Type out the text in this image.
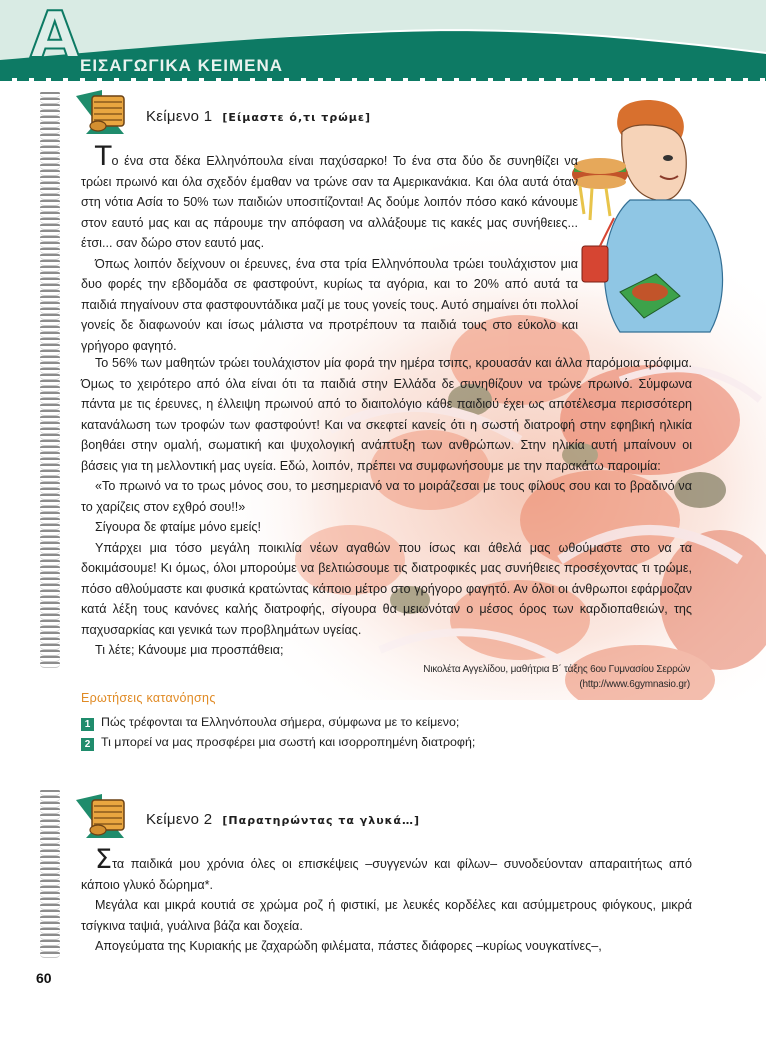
A ΕΙΣΑΓΩΓΙΚΑ ΚΕΙΜΕΝΑ
Κείμενο 1 [Είμαστε ό,τι τρώμε]

Το ένα στα δέκα Ελληνόπουλα είναι παχύσαρκο! Το ένα στα δύο δε συνηθίζει να τρώει πρωινό και όλα σχεδόν έμαθαν να τρώνε σαν τα Αμερικανάκια. Και όλα αυτά όταν στη νότια Ασία το 50% των παιδιών υποσιτίζονται! Ας δούμε λοιπόν πόσο κακό κάνουμε στον εαυτό μας και ας πάρουμε την απόφαση να αλλάξουμε τις κακές μας συνήθειες... έτσι... σαν δώρο στον εαυτό μας.

Όπως λοιπόν δείχνουν οι έρευνες, ένα στα τρία Ελληνόπουλα τρώει τουλάχιστον μια δυο φορές την εβδομάδα σε φαστφούντ, κυρίως τα αγόρια, και το 20% από αυτά τα παιδιά πηγαίνουν στα φαστφουντάδικα μαζί με τους γονείς τους. Αυτό σημαίνει ότι πολλοί γονείς δε διαφωνούν και ίσως μάλιστα να προτρέπουν τα παιδιά τους στο εύκολο και γρήγορο φαγητό.

Το 56% των μαθητών τρώει τουλάχιστον μία φορά την ημέρα τσιπς, κρουασάν και άλλα παρόμοια τρόφιμα. Όμως το χειρότερο από όλα είναι ότι τα παιδιά στην Ελλάδα δε συνηθίζουν να τρώνε πρωινό. Σύμφωνα πάντα με τις έρευνες, η έλλειψη πρωινού από το διαιτολόγιο κάθε παιδιού έχει ως αποτέλεσμα περισσότερη κατανάλωση των τροφών των φαστφούντ! Και να σκεφτεί κανείς ότι η σωστή διατροφή στην εφηβική ηλικία βοηθάει στην ομαλή, σωματική και ψυχολογική ανάπτυξη των ανθρώπων. Στην ηλικία αυτή μπαίνουν οι βάσεις για τη μελλοντική μας υγεία. Εδώ, λοιπόν, πρέπει να συμφωνήσουμε με την παρακάτω παροιμία:

«Το πρωινό να το τρως μόνος σου, το μεσημεριανό να το μοιράζεσαι με τους φίλους σου και το βραδινό να το χαρίζεις στον εχθρό σου!!»

Σίγουρα δε φταίμε μόνο εμείς!

Υπάρχει μια τόσο μεγάλη ποικιλία νέων αγαθών που ίσως και άθελά μας ωθούμαστε στο να τα δοκιμάσουμε! Κι όμως, όλοι μπορούμε να βελτιώσουμε τις διατροφικές μας συνήθειες προσέχοντας τι τρώμε, πόσο αθλούμαστε και φυσικά κρατώντας κάποιο μέτρο στο γρήγορο φαγητό. Αν όλοι οι άνθρωποι εφάρμοζαν κατά λέξη τους κανόνες καλής διατροφής, σίγουρα θα μειωνόταν ο μέσος όρος των καρδιοπαθειών, της παχυσαρκίας και γενικά των προβλημάτων υγείας.

Τι λέτε; Κάνουμε μια προσπάθεια;

Νικολέτα Αγγελίδου, μαθήτρια Β΄ τάξης 6ου Γυμνασίου Σερρών
(http://www.6gymnasio.gr)
Ερωτήσεις κατανόησης
1 Πώς τρέφονται τα Ελληνόπουλα σήμερα, σύμφωνα με το κείμενο;
2 Τι μπορεί να μας προσφέρει μια σωστή και ισορροπημένη διατροφή;
Κείμενο 2 [Παρατηρώντας τα γλυκά…]

Στα παιδικά μου χρόνια όλες οι επισκέψεις –συγγενών και φίλων– συνοδεύονταν απαραιτήτως από κάποιο γλυκό δώρημα*.

Μεγάλα και μικρά κουτιά σε χρώμα ροζ ή φιστικί, με λευκές κορδέλες και ασύμμετρους φιόγκους, μικρά τσίγκινα ταψιά, γυάλινα βάζα και δοχεία.

Απογεύματα της Κυριακής με ζαχαρώδη φιλέματα, πάστες διάφορες –κυρίως νουγκατίνες–,

60
